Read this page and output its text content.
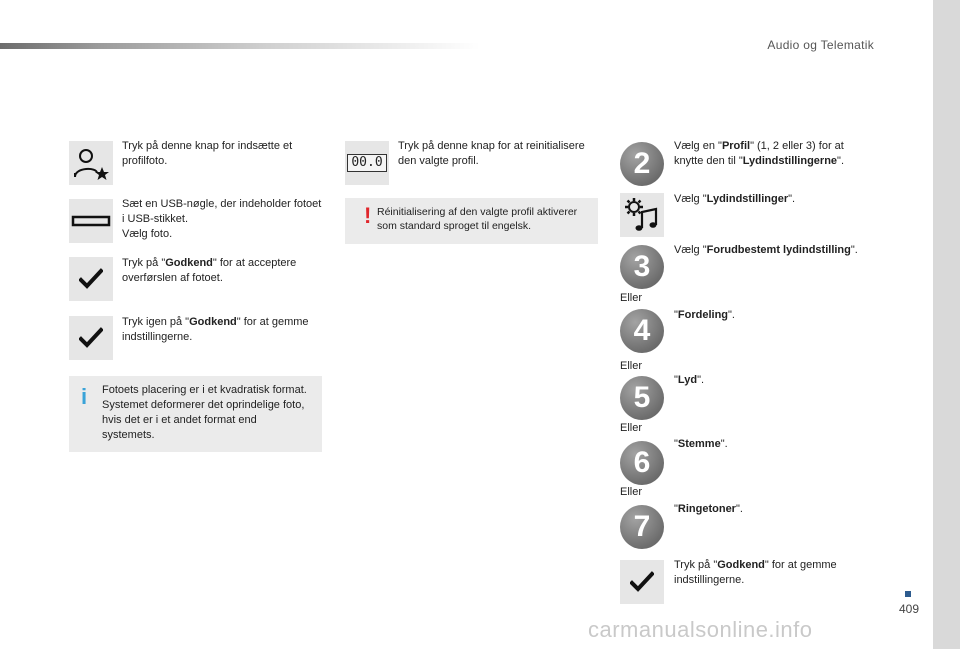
Audio og Telematik
409
carmanualsonline.info
Tryk på denne knap for indsætte et profilfoto.
Sæt en USB-nøgle, der indeholder fotoet i USB-stikket.
Vælg foto.
Tryk på "Godkend" for at acceptere overførslen af fotoet.
Tryk igen på "Godkend" for at gemme indstillingerne.
i Fotoets placering er i et kvadratisk format. Systemet deformerer det oprindelige foto, hvis det er i et andet format end systemets.
00.0
Tryk på denne knap for at reinitialisere den valgte profil.
! Réinitialisering af den valgte profil aktiverer som standard sproget til engelsk.
2
Vælg en "Profil" (1, 2 eller 3) for at knytte den til "Lydindstillingerne".
Vælg "Lydindstillinger".
3	Vælg "Forudbestemt lydindstilling".
Eller
4	"Fordeling".
Eller
5
"Lyd".
Eller
6
"Stemme".
Eller
7
"Ringetoner".
Tryk på "Godkend" for at gemme indstillingerne.
